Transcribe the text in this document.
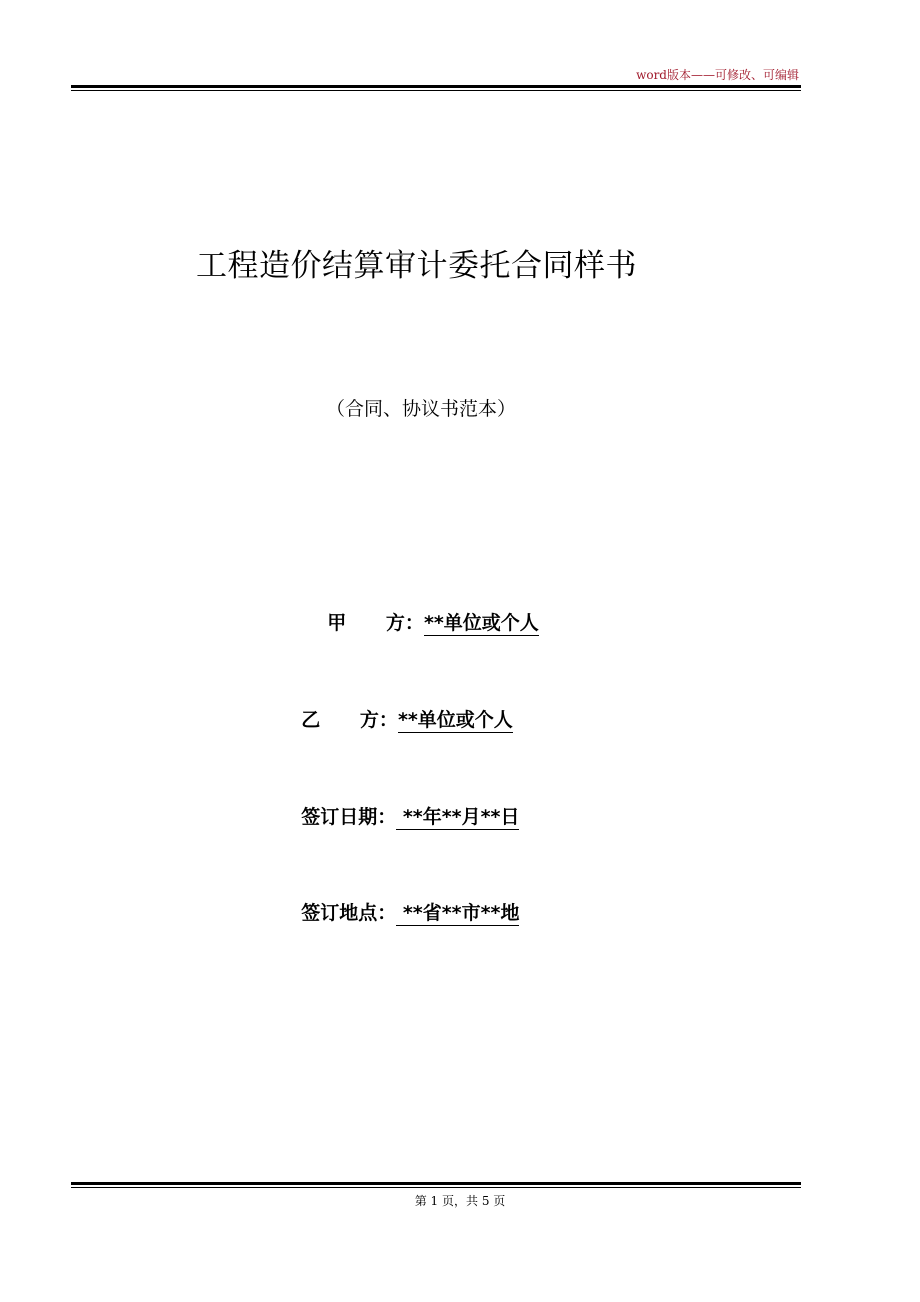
word版本——可修改、可编辑
工程造价结算审计委托合同样书
（合同、协议书范本）

甲      方：**单位或个人

乙      方：**单位或个人

签订日期： **年**月**日

签订地点： **省**市**地

第 1 页，共 5 页
